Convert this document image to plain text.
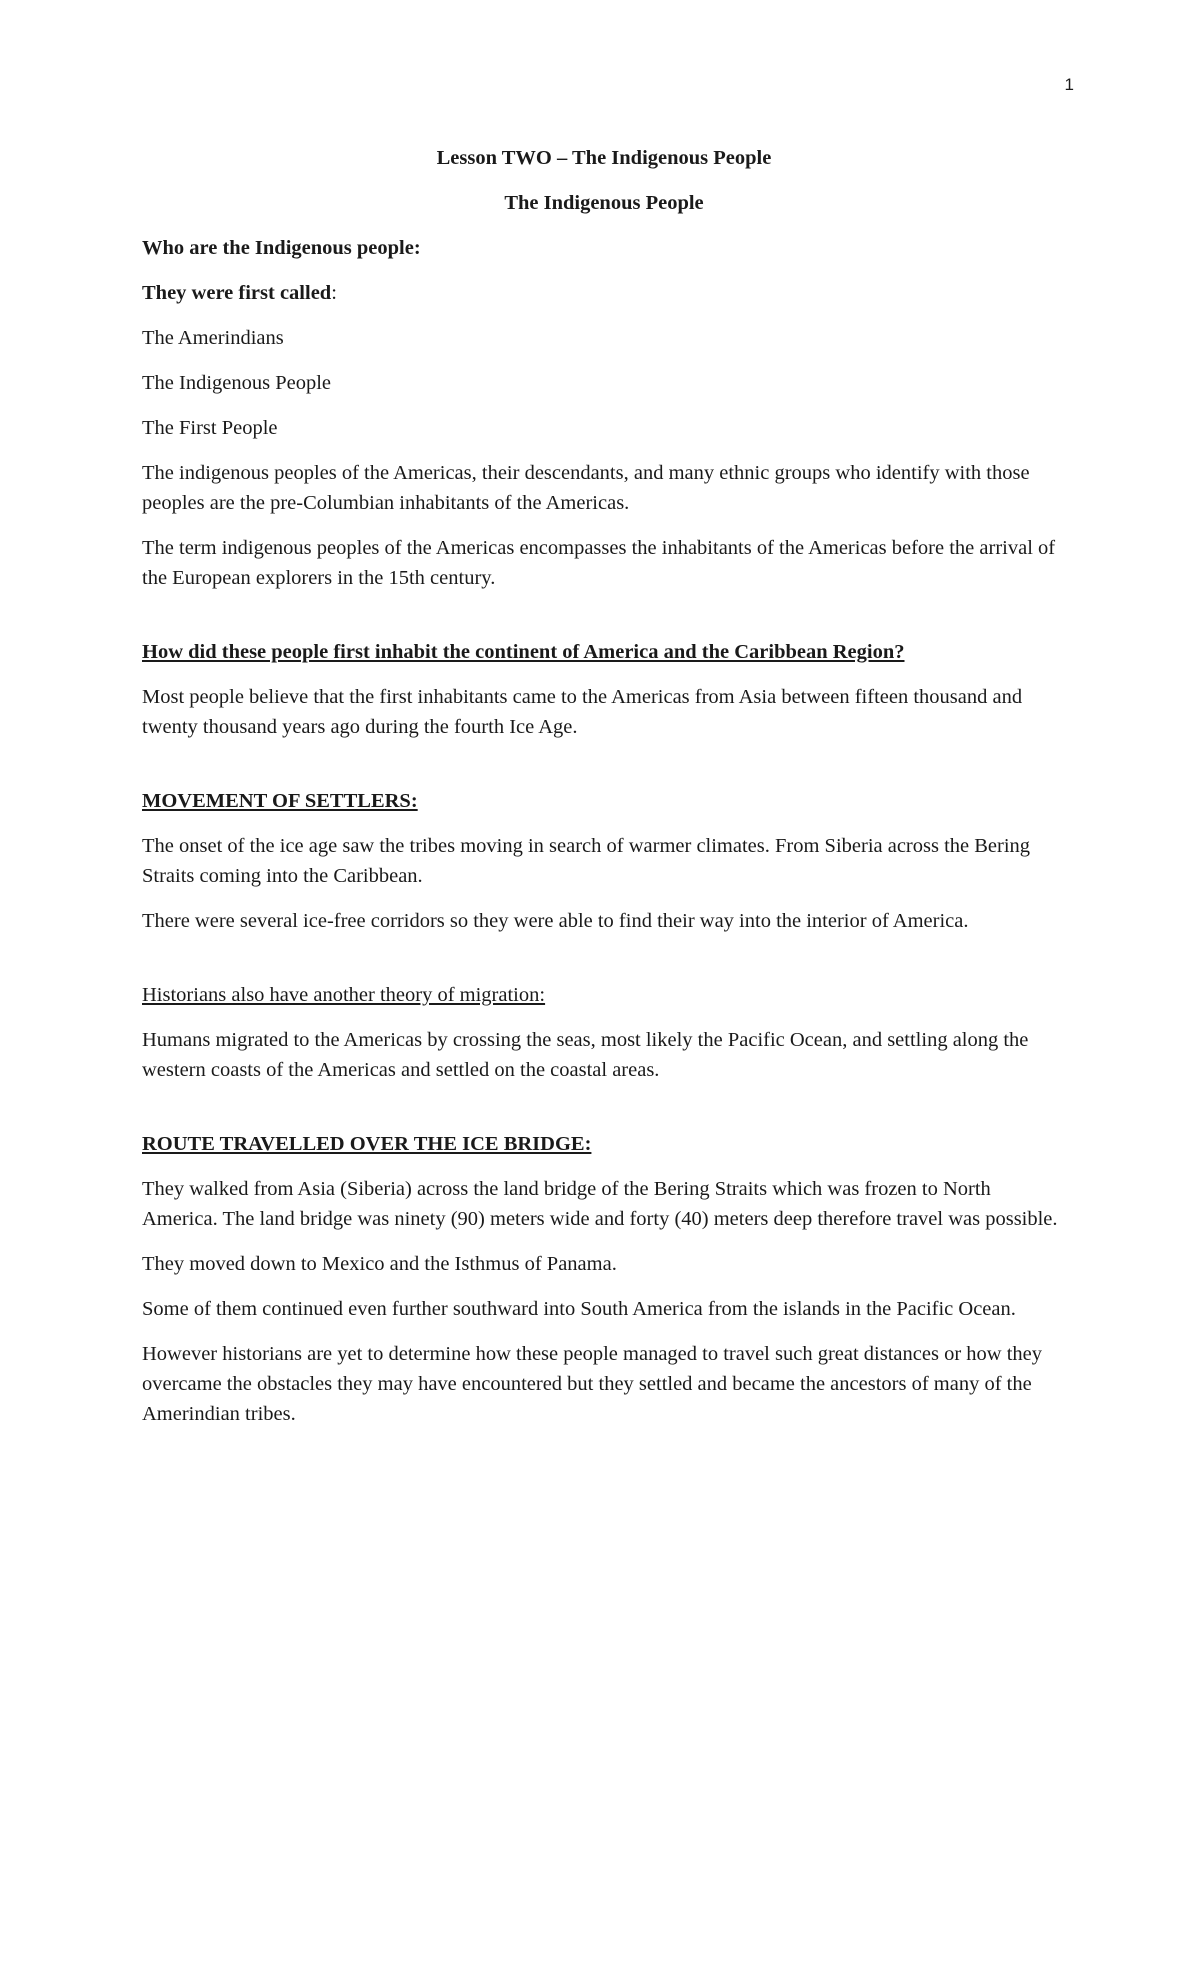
1

Lesson TWO – The Indigenous People

The Indigenous People

Who are the Indigenous people:

They were first called:

The Amerindians

The Indigenous People

The First People

The indigenous peoples of the Americas, their descendants, and many ethnic groups who identify with those peoples are the pre-Columbian inhabitants of the Americas.

The term indigenous peoples of the Americas encompasses the inhabitants of the Americas before the arrival of the European explorers in the 15th century.

How did these people first inhabit the continent of America and the Caribbean Region?

Most people believe that the first inhabitants came to the Americas from Asia between fifteen thousand and twenty thousand years ago during the fourth Ice Age.

MOVEMENT OF SETTLERS:

The onset of the ice age saw the tribes moving in search of warmer climates. From Siberia across the Bering Straits coming into the Caribbean.

There were several ice-free corridors so they were able to find their way into the interior of America.

Historians also have another theory of migration:

Humans migrated to the Americas by crossing the seas, most likely the Pacific Ocean, and settling along the western coasts of the Americas and settled on the coastal areas.

ROUTE TRAVELLED OVER THE ICE BRIDGE:

They walked from Asia (Siberia) across the land bridge of the Bering Straits which was frozen to North America. The land bridge was ninety (90) meters wide and forty (40) meters deep therefore travel was possible.

They moved down to Mexico and the Isthmus of Panama.

Some of them continued even further southward into South America from the islands in the Pacific Ocean.

However historians are yet to determine how these people managed to travel such great distances or how they overcame the obstacles they may have encountered but they settled and became the ancestors of many of the Amerindian tribes.
